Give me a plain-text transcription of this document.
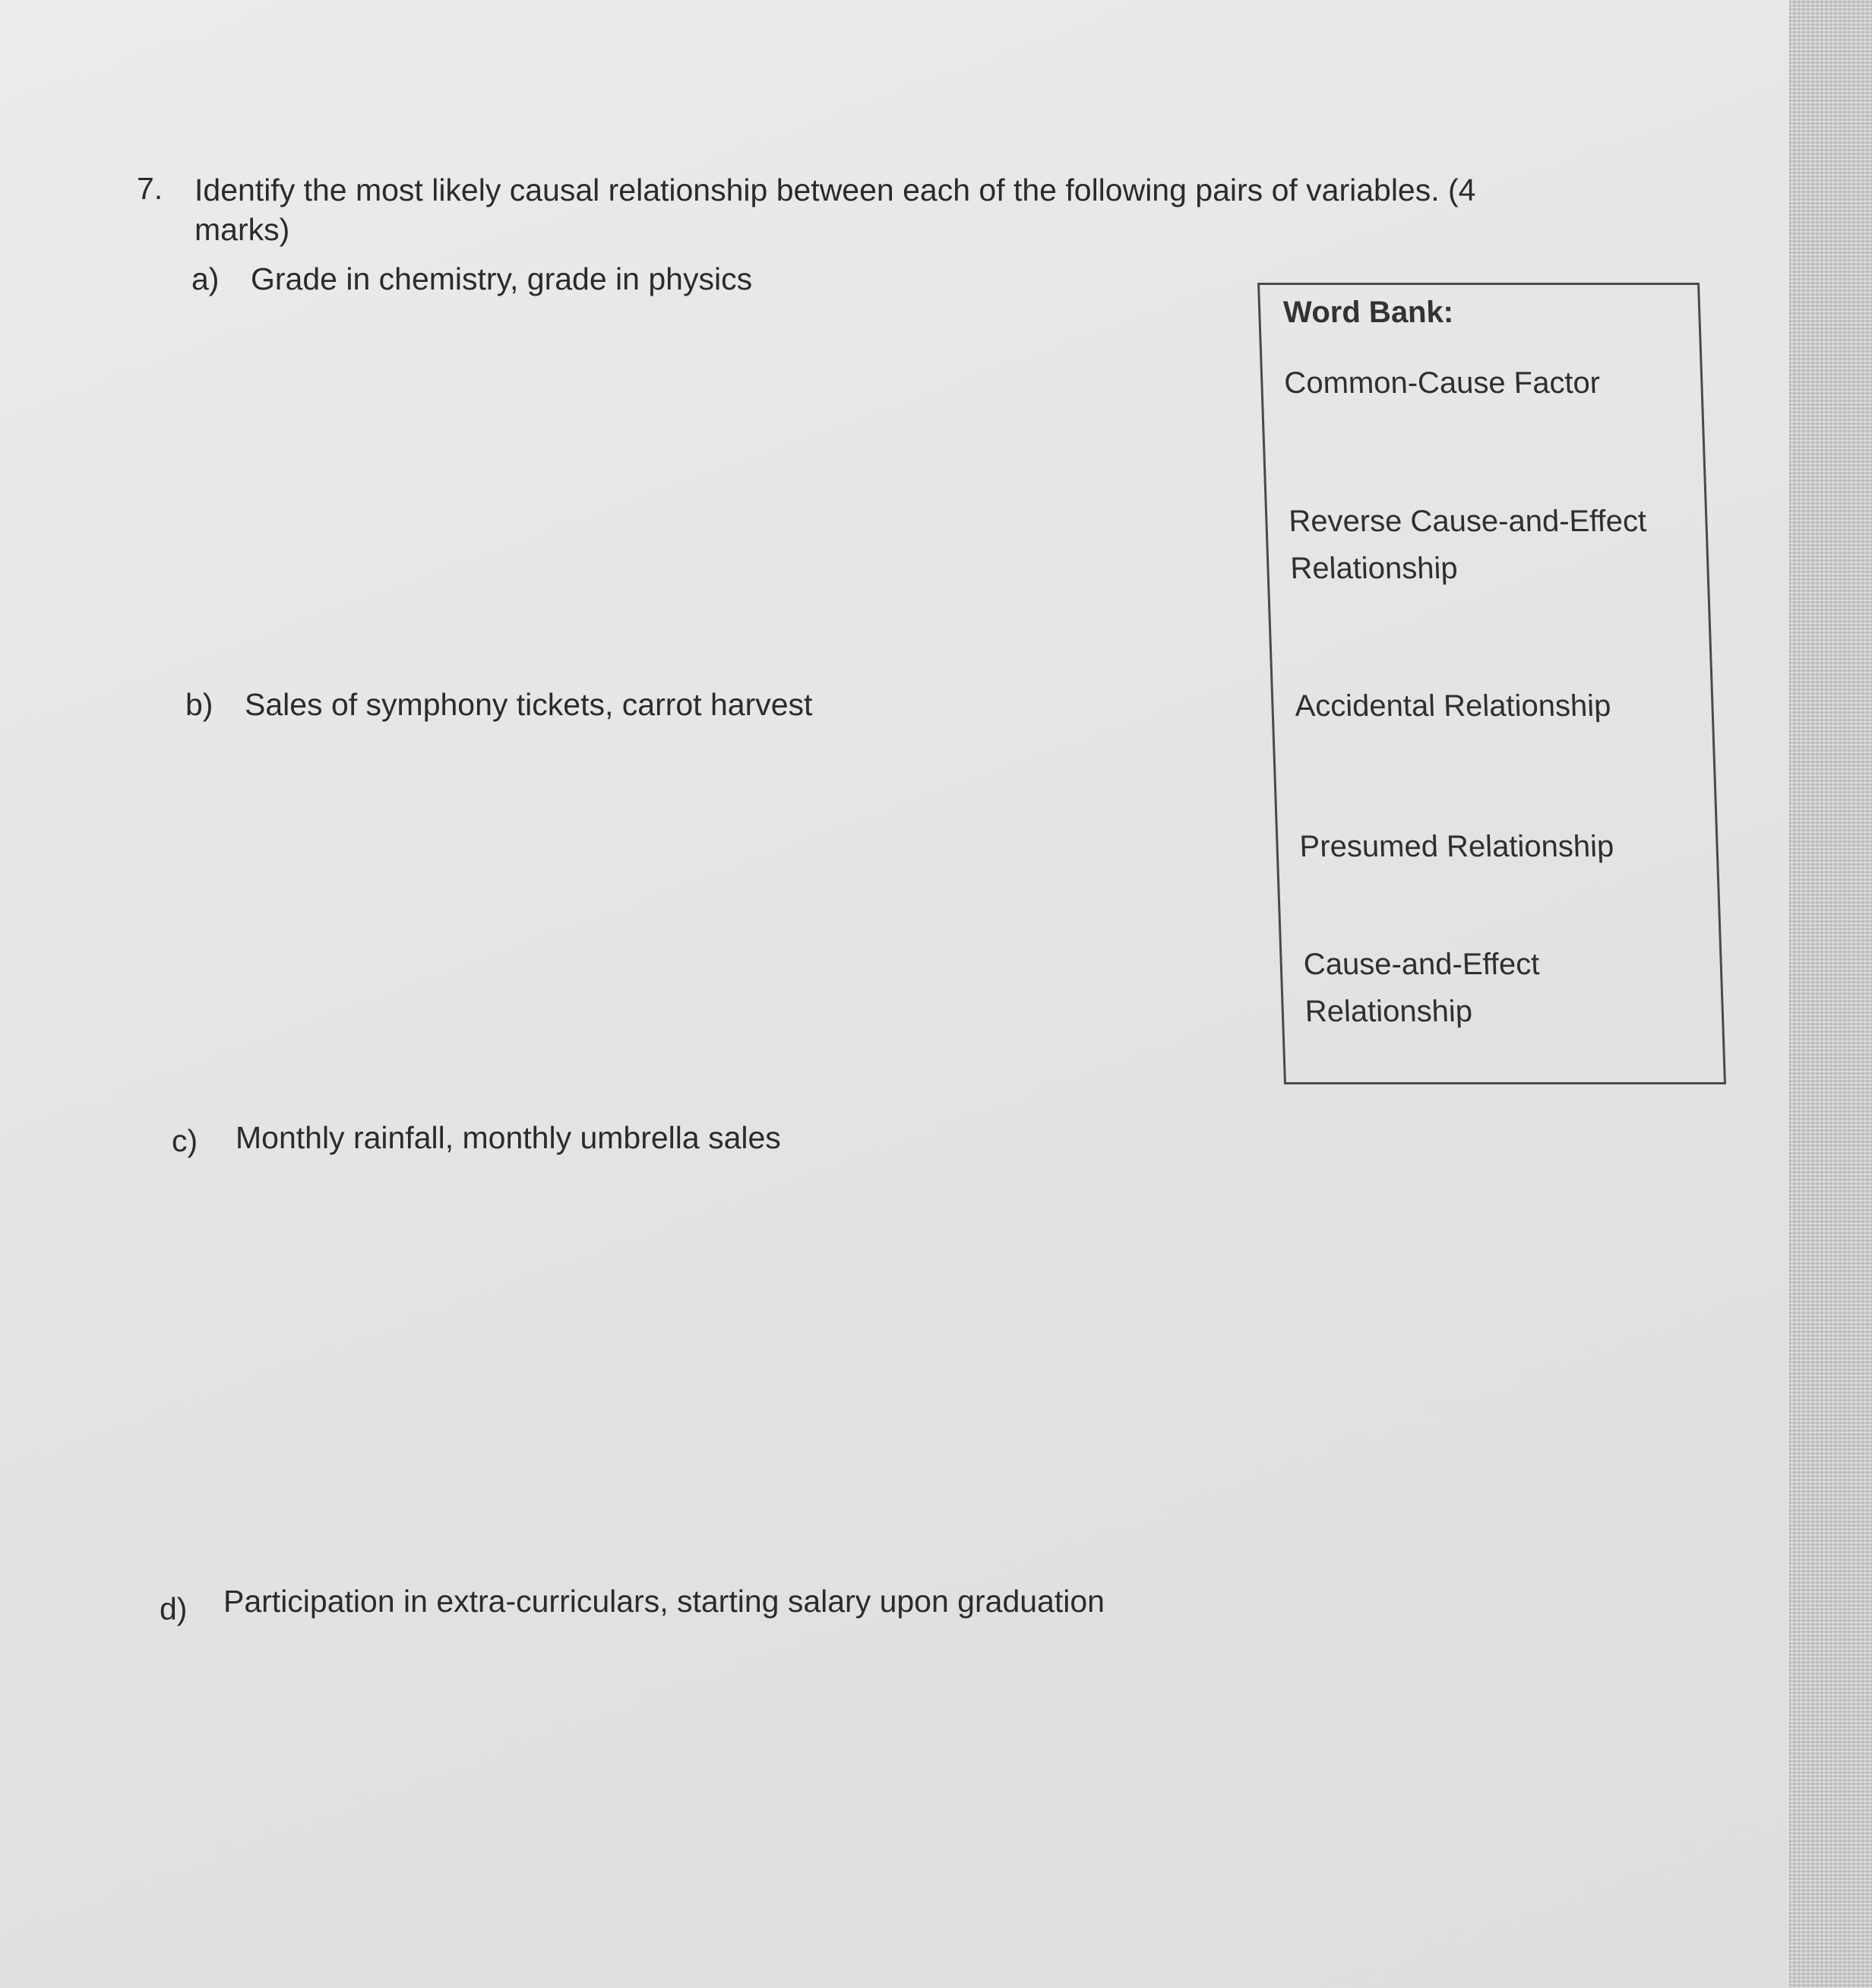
7. Identify the most likely causal relationship between each of the following pairs of variables. (4 marks)
a) Grade in chemistry, grade in physics
b) Sales of symphony tickets, carrot harvest
c) Monthly rainfall, monthly umbrella sales
d) Participation in extra-curriculars, starting salary upon graduation
Word Bank:
Common-Cause Factor
Reverse Cause-and-Effect Relationship
Accidental Relationship
Presumed Relationship
Cause-and-Effect Relationship
